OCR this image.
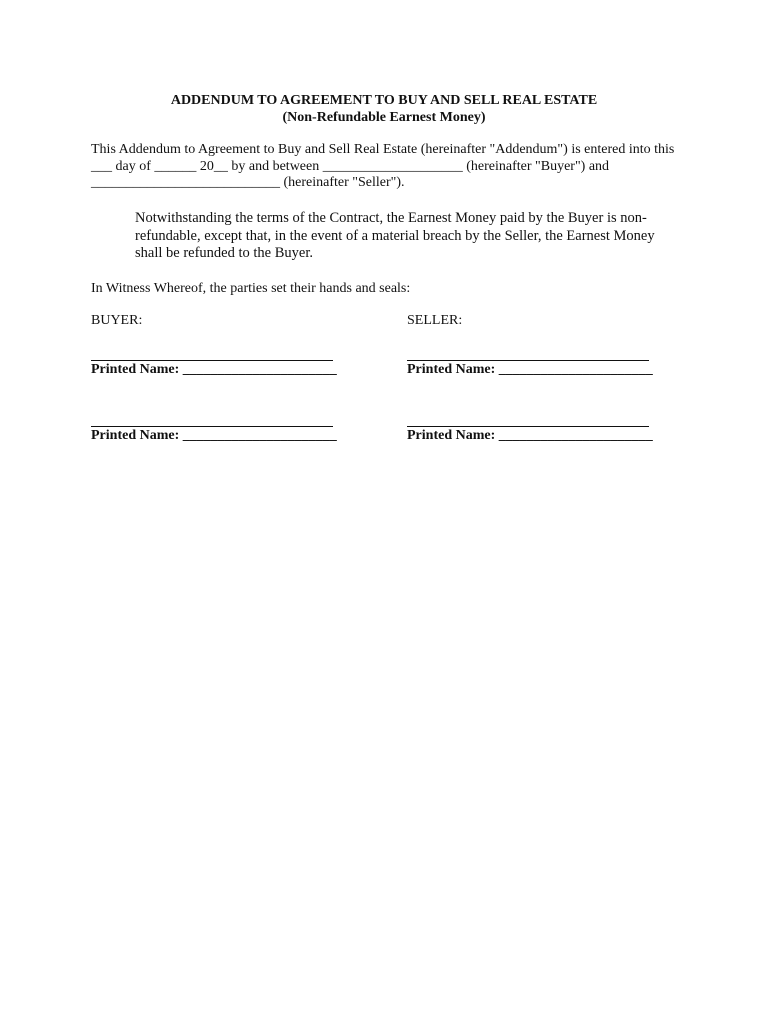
ADDENDUM TO AGREEMENT TO BUY AND SELL REAL ESTATE
(Non-Refundable Earnest Money)
This Addendum to Agreement to Buy and Sell Real Estate (hereinafter "Addendum") is entered into this
___ day of ______ 20__ by and between ____________________ (hereinafter "Buyer") and
___________________________ (hereinafter "Seller").
Notwithstanding the terms of the Contract, the Earnest Money paid by the Buyer is non-
refundable, except that, in the event of a material breach by the Seller, the Earnest Money
shall be refunded to the Buyer.
In Witness Whereof, the parties set their hands and seals:
BUYER:	SELLER:
Printed Name: ______________________	Printed Name: ______________________
Printed Name: ______________________	Printed Name: ______________________
